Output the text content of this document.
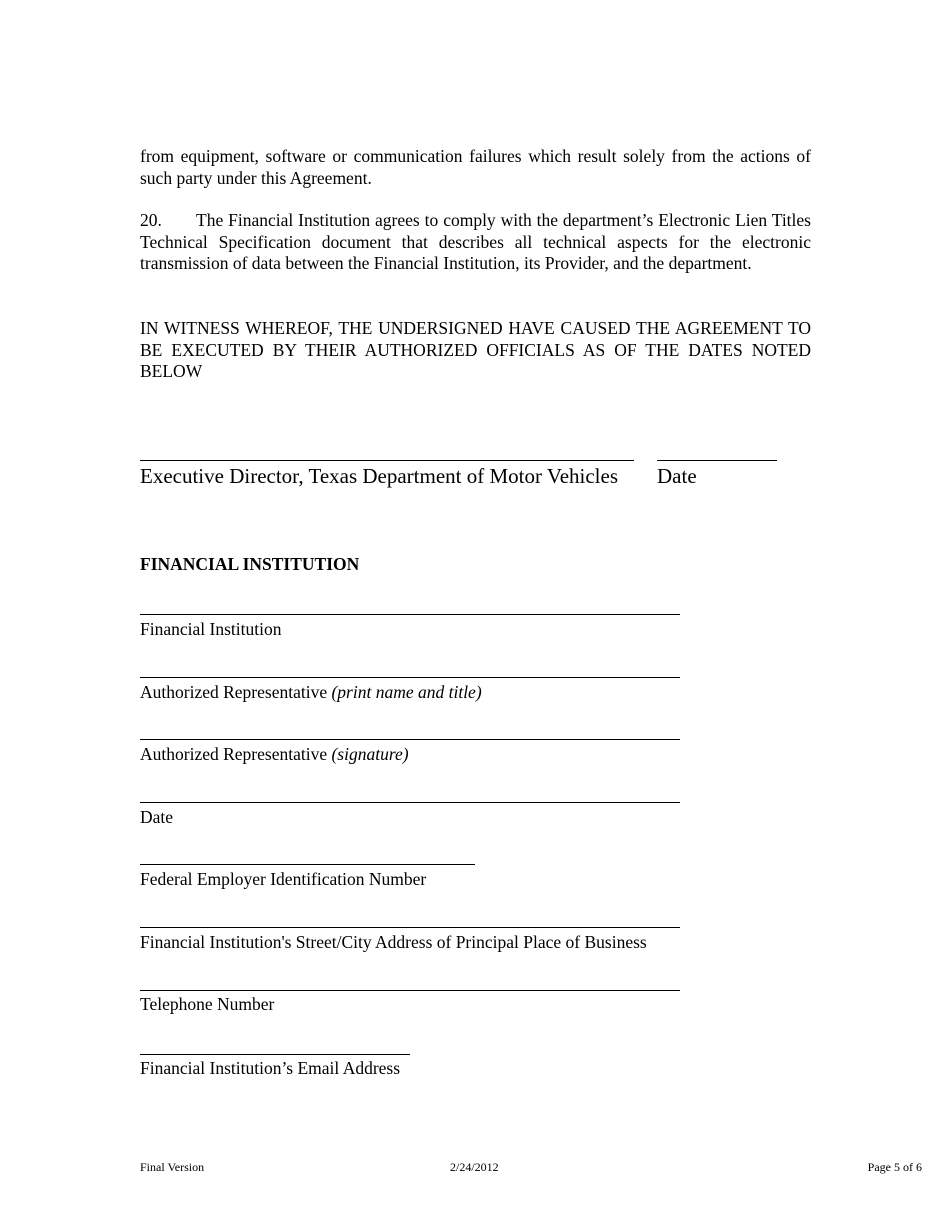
from equipment, software or communication failures which result solely from the actions of such party under this Agreement.

20. The Financial Institution agrees to comply with the department’s Electronic Lien Titles Technical Specification document that describes all technical aspects for the electronic transmission of data between the Financial Institution, its Provider, and the department.

IN WITNESS WHEREOF, THE UNDERSIGNED HAVE CAUSED THE AGREEMENT TO BE EXECUTED BY THEIR AUTHORIZED OFFICIALS AS OF THE DATES NOTED BELOW

Executive Director, Texas Department of Motor Vehicles Date
FINANCIAL INSTITUTION
Financial Institution
Authorized Representative (print name and title)
Authorized Representative (signature)
Date
Federal Employer Identification Number
Financial Institution's Street/City Address of Principal Place of Business
Telephone Number
Financial Institution’s Email Address
Final Version	2/24/2012	Page 5 of 6
